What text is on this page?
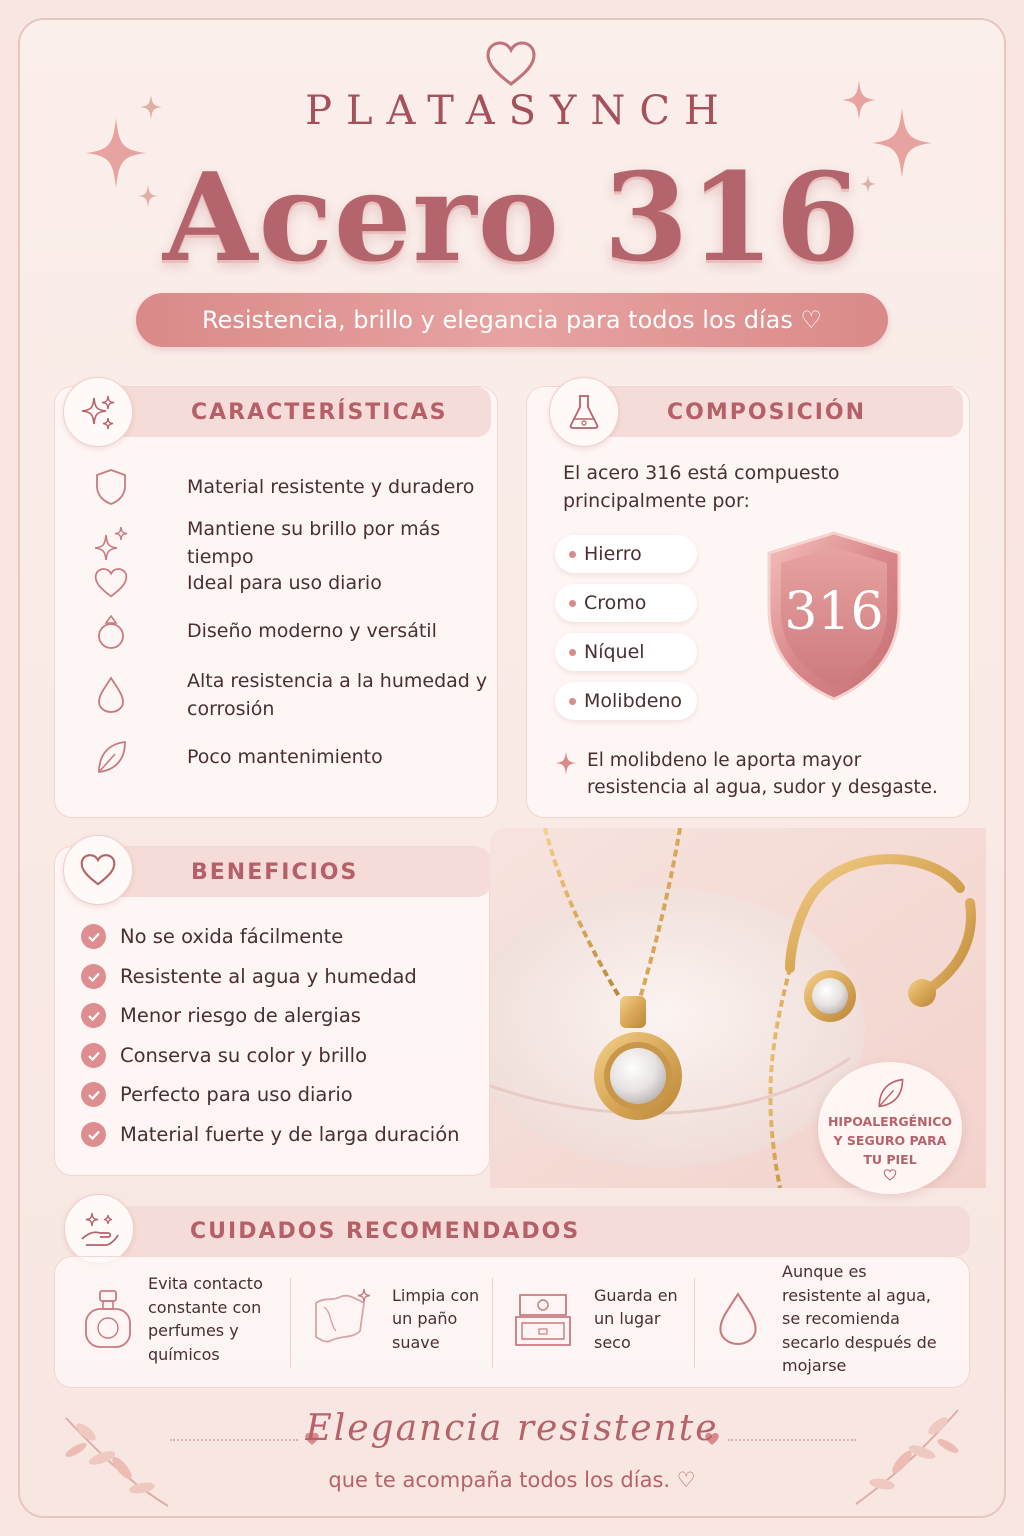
PLATASYNCH
Acero 316
Resistencia, brillo y elegancia para todos los días ♡
CARACTERÍSTICAS
Material resistente y duradero
Mantiene su brillo por más tiempo
Ideal para uso diario
Diseño moderno y versátil
Alta resistencia a la humedad y corrosión
Poco mantenimiento
COMPOSICIÓN
El acero 316 está compuesto principalmente por:
Hierro
Cromo
Níquel
Molibdeno
316
El molibdeno le aporta mayor resistencia al agua, sudor y desgaste.
BENEFICIOS
No se oxida fácilmente
Resistente al agua y humedad
Menor riesgo de alergias
Conserva su color y brillo
Perfecto para uso diario
Material fuerte y de larga duración
HIPOALERGÉNICO Y SEGURO PARA TU PIEL
CUIDADOS RECOMENDADOS
Evita contacto constante con perfumes y químicos
Limpia con un paño suave
Guarda en un lugar seco
Aunque es resistente al agua, se recomienda secarlo después de mojarse
Elegancia resistente
que te acompaña todos los días. ♡
